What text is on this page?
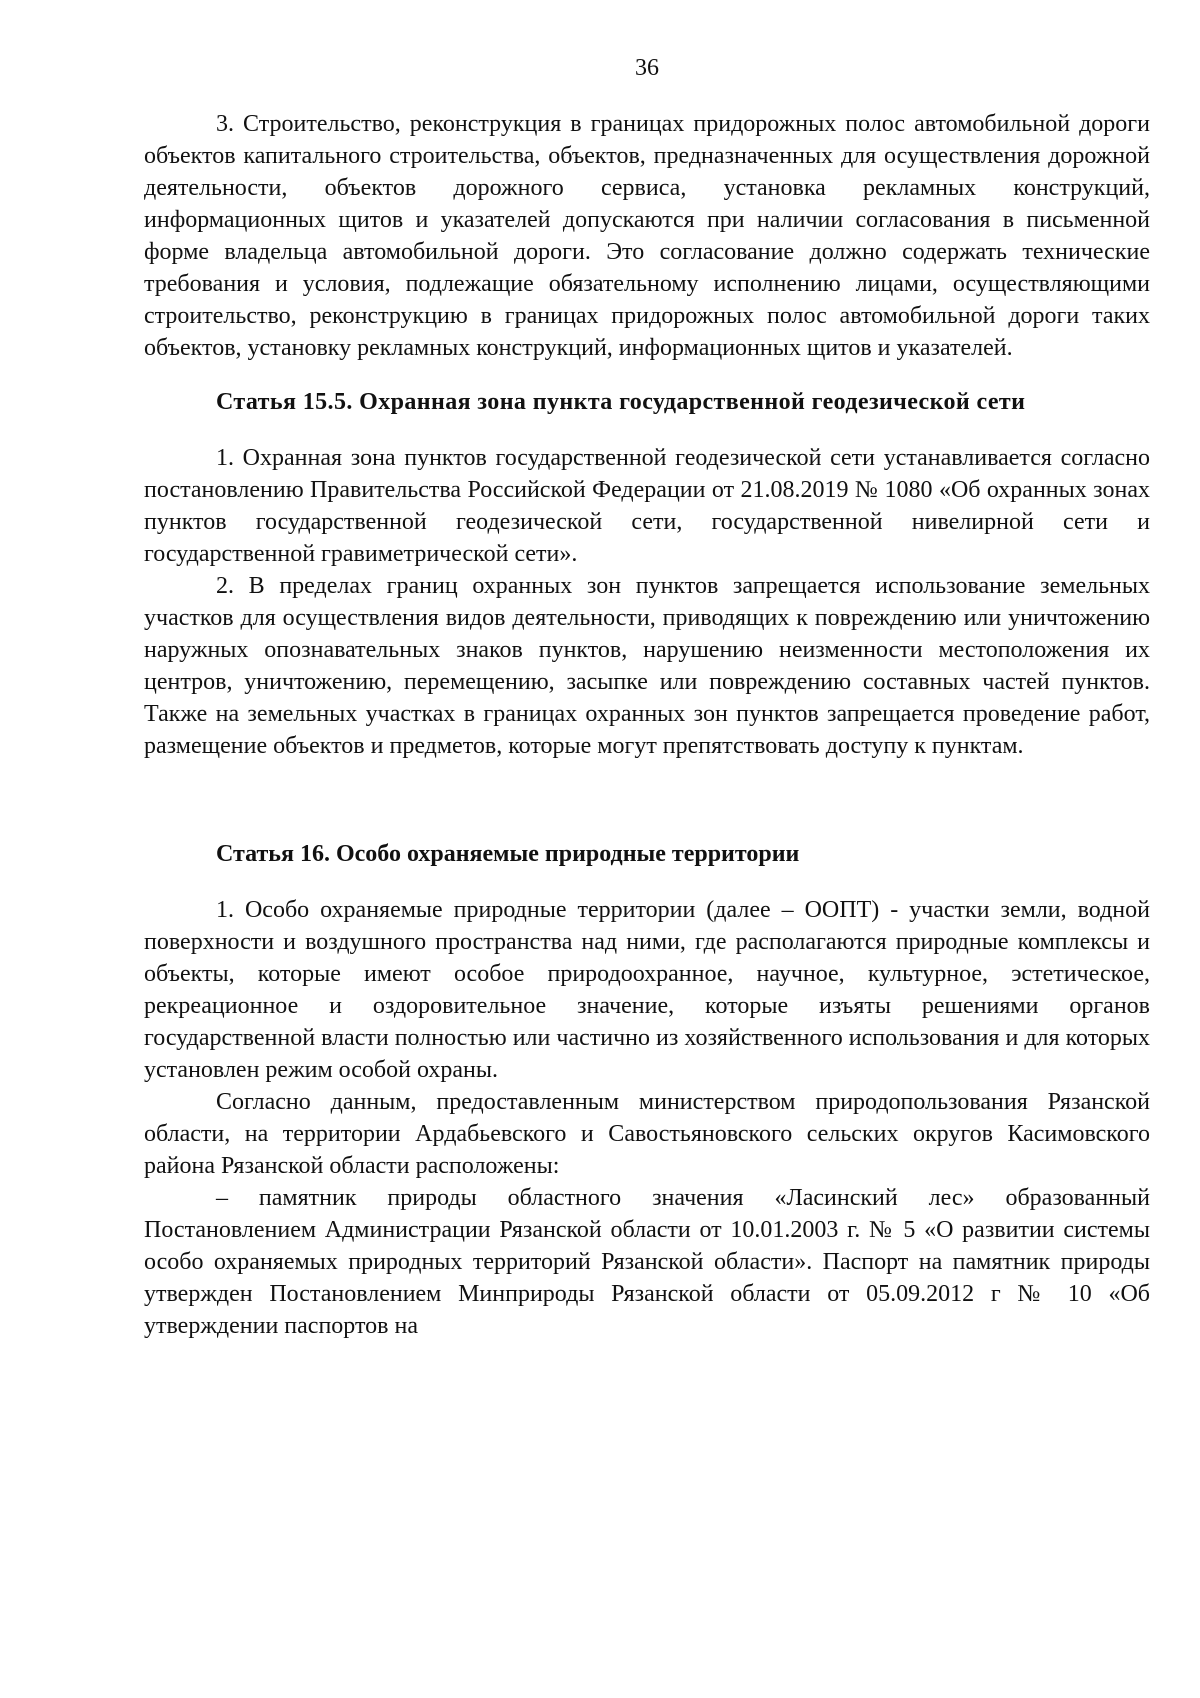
36

3. Строительство, реконструкция в границах придорожных полос автомобильной дороги объектов капитального строительства, объектов, предназначенных для осуществления дорожной деятельности, объектов дорожного сервиса, установка рекламных конструкций, информационных щитов и указателей допускаются при наличии согласования в письменной форме владельца автомобильной дороги. Это согласование должно содержать технические требования и условия, подлежащие обязательному исполнению лицами, осуществляющими строительство, реконструкцию в границах придорожных полос автомобильной дороги таких объектов, установку рекламных конструкций, информационных щитов и указателей.

Статья 15.5. Охранная зона пункта государственной геодезической сети

1. Охранная зона пунктов государственной геодезической сети устанавливается согласно постановлению Правительства Российской Федерации от 21.08.2019 № 1080 «Об охранных зонах пунктов государственной геодезической сети, государственной нивелирной сети и государственной гравиметрической сети».

2. В пределах границ охранных зон пунктов запрещается использование земельных участков для осуществления видов деятельности, приводящих к повреждению или уничтожению наружных опознавательных знаков пунктов, нарушению неизменности местоположения их центров, уничтожению, перемещению, засыпке или повреждению составных частей пунктов. Также на земельных участках в границах охранных зон пунктов запрещается проведение работ, размещение объектов и предметов, которые могут препятствовать доступу к пунктам.

Статья 16. Особо охраняемые природные территории

1. Особо охраняемые природные территории (далее – ООПТ) - участки земли, водной поверхности и воздушного пространства над ними, где располагаются природные комплексы и объекты, которые имеют особое природоохранное, научное, культурное, эстетическое, рекреационное и оздоровительное значение, которые изъяты решениями органов государственной власти полностью или частично из хозяйственного использования и для которых установлен режим особой охраны.

Согласно данным, предоставленным министерством природопользования Рязанской области, на территории Ардабьевского и Савостьяновского сельских округов Касимовского района Рязанской области расположены:

– памятник природы областного значения «Ласинский лес» образованный Постановлением Администрации Рязанской области от 10.01.2003 г. № 5 «О развитии системы особо охраняемых природных территорий Рязанской области». Паспорт на памятник природы утвержден Постановлением Минприроды Рязанской области от 05.09.2012 г № 10 «Об утверждении паспортов на
